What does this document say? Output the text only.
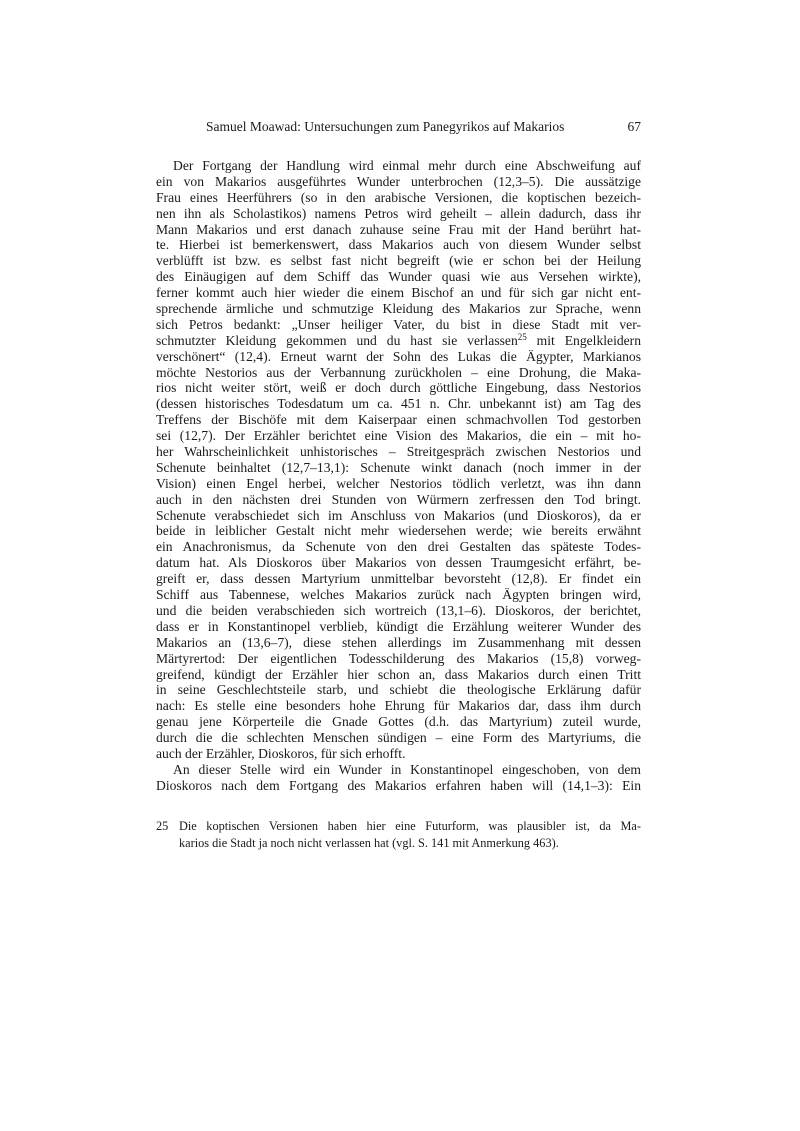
Samuel Moawad: Untersuchungen zum Panegyrikos auf Makarios	67
Der Fortgang der Handlung wird einmal mehr durch eine Abschweifung auf
ein von Makarios ausgeführtes Wunder unterbrochen (12,3–5). Die aussätzige
Frau eines Heerführers (so in den arabische Versionen, die koptischen bezeich-
nen ihn als Scholastikos) namens Petros wird geheilt – allein dadurch, dass ihr
Mann Makarios und erst danach zuhause seine Frau mit der Hand berührt hat-
te. Hierbei ist bemerkenswert, dass Makarios auch von diesem Wunder selbst
verblüfft ist bzw. es selbst fast nicht begreift (wie er schon bei der Heilung
des Einäugigen auf dem Schiff das Wunder quasi wie aus Versehen wirkte),
ferner kommt auch hier wieder die einem Bischof an und für sich gar nicht ent-
sprechende ärmliche und schmutzige Kleidung des Makarios zur Sprache, wenn
sich Petros bedankt: „Unser heiliger Vater, du bist in diese Stadt mit ver-
schmutzter Kleidung gekommen und du hast sie verlassen$^{25}$ mit Engelkleidern
verschönert“ (12,4). Erneut warnt der Sohn des Lukas die Ägypter, Markianos
möchte Nestorios aus der Verbannung zurückholen – eine Drohung, die Maka-
rios nicht weiter stört, weiß er doch durch göttliche Eingebung, dass Nestorios
(dessen historisches Todesdatum um ca. 451 n. Chr. unbekannt ist) am Tag des
Treffens der Bischöfe mit dem Kaiserpaar einen schmachvollen Tod gestorben
sei (12,7). Der Erzähler berichtet eine Vision des Makarios, die ein – mit ho-
her Wahrscheinlichkeit unhistorisches – Streitgespräch zwischen Nestorios und
Schenute beinhaltet (12,7–13,1): Schenute winkt danach (noch immer in der
Vision) einen Engel herbei, welcher Nestorios tödlich verletzt, was ihn dann
auch in den nächsten drei Stunden von Würmern zerfressen den Tod bringt.
Schenute verabschiedet sich im Anschluss von Makarios (und Dioskoros), da er
beide in leiblicher Gestalt nicht mehr wiedersehen werde; wie bereits erwähnt
ein Anachronismus, da Schenute von den drei Gestalten das späteste Todes-
datum hat. Als Dioskoros über Makarios von dessen Traumgesicht erfährt, be-
greift er, dass dessen Martyrium unmittelbar bevorsteht (12,8). Er findet ein
Schiff aus Tabennese, welches Makarios zurück nach Ägypten bringen wird,
und die beiden verabschieden sich wortreich (13,1–6). Dioskoros, der berichtet,
dass er in Konstantinopel verblieb, kündigt die Erzählung weiterer Wunder des
Makarios an (13,6–7), diese stehen allerdings im Zusammenhang mit dessen
Märtyrertod: Der eigentlichen Todesschilderung des Makarios (15,8) vorweg-
greifend, kündigt der Erzähler hier schon an, dass Makarios durch einen Tritt
in seine Geschlechtsteile starb, und schiebt die theologische Erklärung dafür
nach: Es stelle eine besonders hohe Ehrung für Makarios dar, dass ihm durch
genau jene Körperteile die Gnade Gottes (d.h. das Martyrium) zuteil wurde,
durch die die schlechten Menschen sündigen – eine Form des Martyriums, die
auch der Erzähler, Dioskoros, für sich erhofft.
An dieser Stelle wird ein Wunder in Konstantinopel eingeschoben, von dem
Dioskoros nach dem Fortgang des Makarios erfahren haben will (14,1–3): Ein
25 Die koptischen Versionen haben hier eine Futurform, was plausibler ist, da Ma-
karios die Stadt ja noch nicht verlassen hat (vgl. S. 141 mit Anmerkung 463).
